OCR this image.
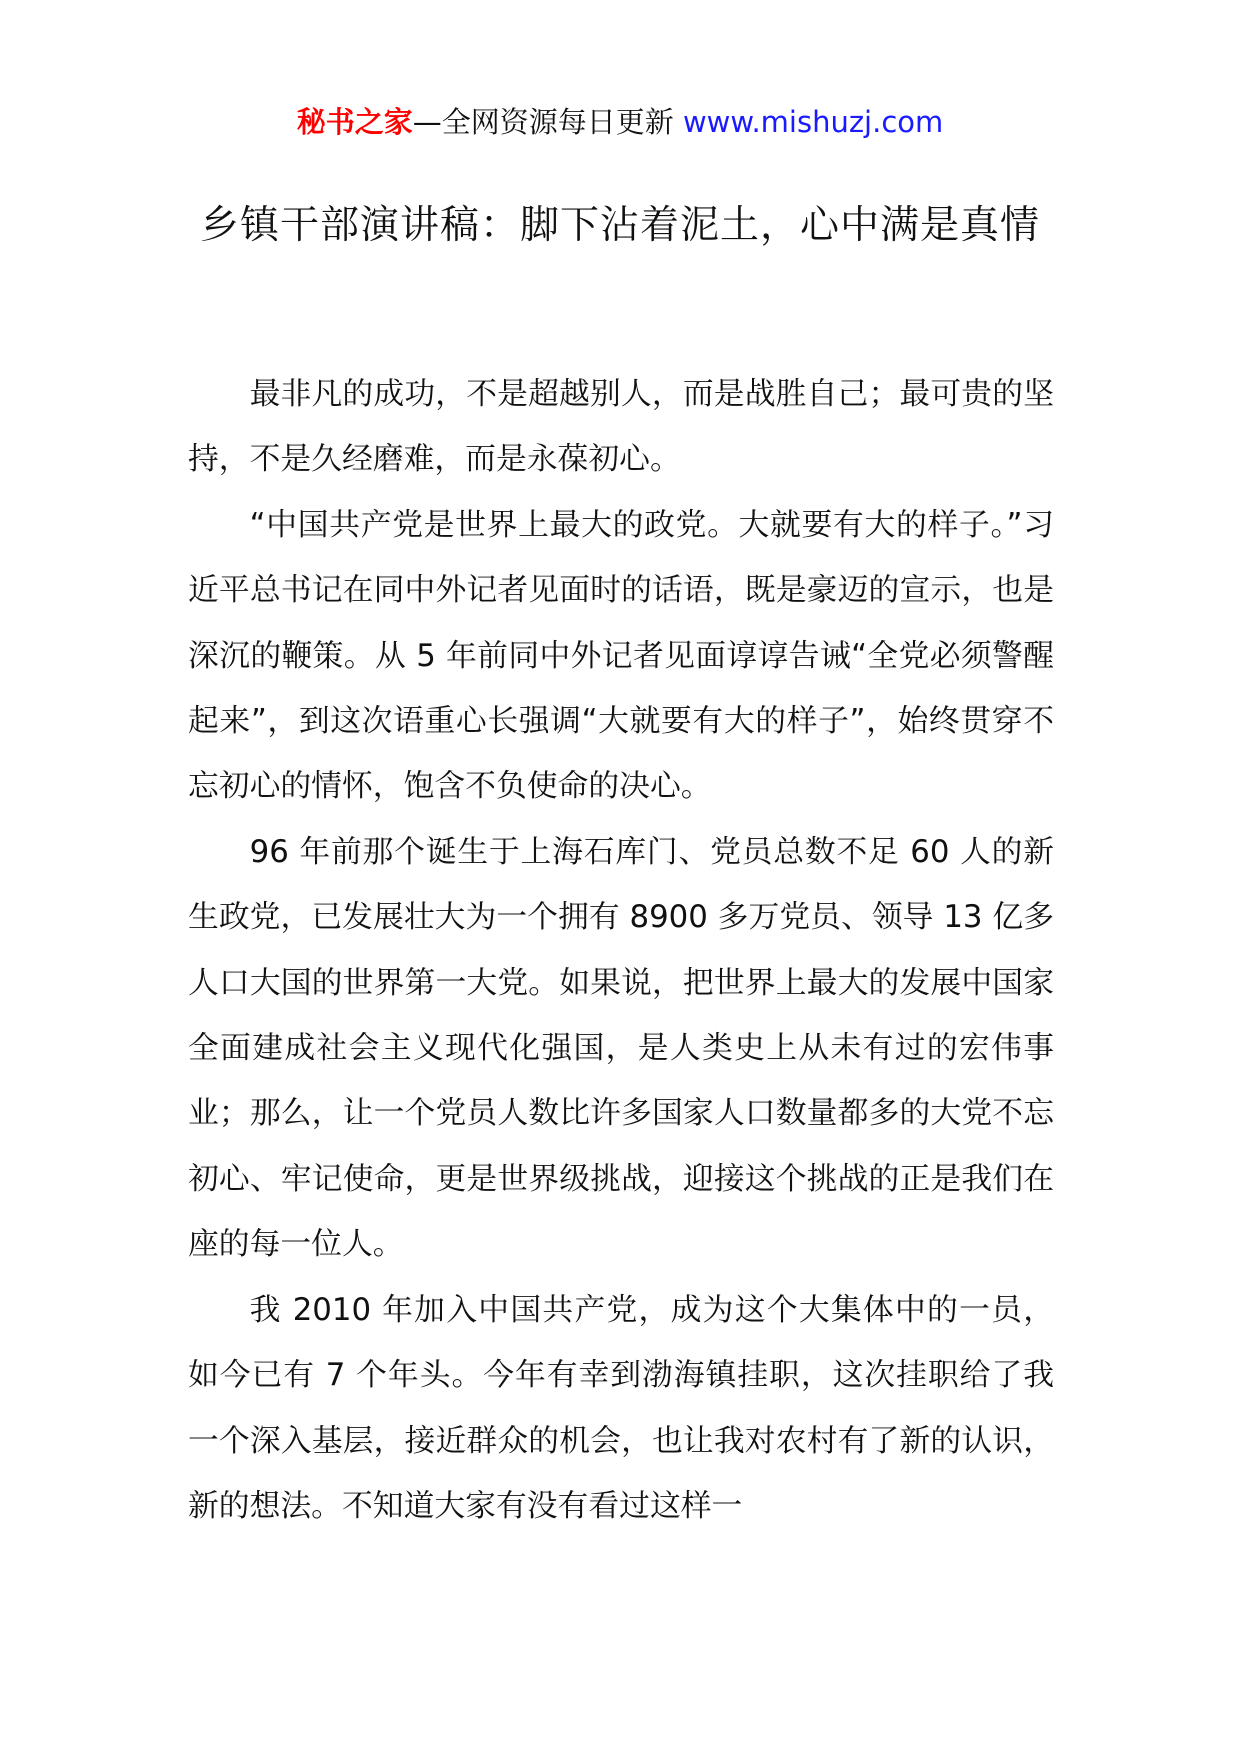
秘书之家—全网资源每日更新 www.mishuzj.com
乡镇干部演讲稿：脚下沾着泥土，心中满是真情

最非凡的成功，不是超越别人，而是战胜自己；最可贵的坚持，不是久经磨难，而是永葆初心。

“中国共产党是世界上最大的政党。大就要有大的样子。”习近平总书记在同中外记者见面时的话语，既是豪迈的宣示，也是深沉的鞭策。从 5 年前同中外记者见面谆谆告诫“全党必须警醒起来”，到这次语重心长强调“大就要有大的样子”，始终贯穿不忘初心的情怀，饱含不负使命的决心。

96 年前那个诞生于上海石库门、党员总数不足 60 人的新生政党，已发展壮大为一个拥有 8900 多万党员、领导 13 亿多人口大国的世界第一大党。如果说，把世界上最大的发展中国家全面建成社会主义现代化强国，是人类史上从未有过的宏伟事业；那么，让一个党员人数比许多国家人口数量都多的大党不忘初心、牢记使命，更是世界级挑战，迎接这个挑战的正是我们在座的每一位人。

我 2010 年加入中国共产党，成为这个大集体中的一员，如今已有 7 个年头。今年有幸到渤海镇挂职，这次挂职给了我一个深入基层，接近群众的机会，也让我对农村有了新的认识，新的想法。不知道大家有没有看过这样一
